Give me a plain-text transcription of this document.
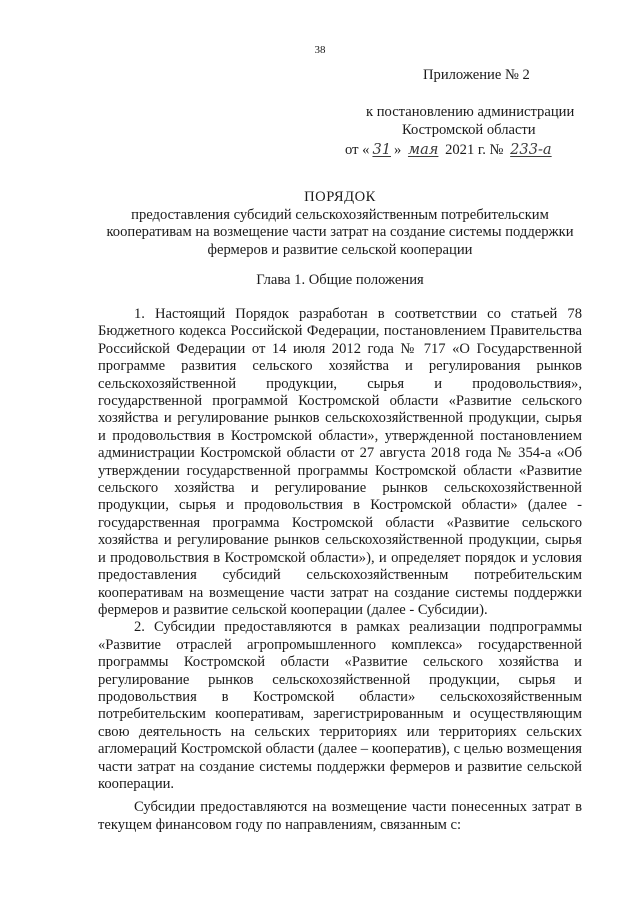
38
Приложение № 2
к постановлению администрации
Костромской области
от « 31 » мая 2021 г. № 233-а
ПОРЯДОК
предоставления субсидий сельскохозяйственным потребительским кооперативам на возмещение части затрат на создание системы поддержки фермеров и развитие сельской кооперации
Глава 1. Общие положения

1. Настоящий Порядок разработан в соответствии со статьей 78 Бюджетного кодекса Российской Федерации, постановлением Правительства Российской Федерации от 14 июля 2012 года № 717 «О Государственной программе развития сельского хозяйства и регулирования рынков сельскохозяйственной продукции, сырья и продовольствия», государственной программой Костромской области «Развитие сельского хозяйства и регулирование рынков сельскохозяйственной продукции, сырья и продовольствия в Костромской области», утвержденной постановлением администрации Костромской области от 27 августа 2018 года № 354-а «Об утверждении государственной программы Костромской области «Развитие сельского хозяйства и регулирование рынков сельскохозяйственной продукции, сырья и продовольствия в Костромской области» (далее - государственная программа Костромской области «Развитие сельского хозяйства и регулирование рынков сельскохозяйственной продукции, сырья и продовольствия в Костромской области»), и определяет порядок и условия предоставления субсидий сельскохозяйственным потребительским кооперативам на возмещение части затрат на создание системы поддержки фермеров и развитие сельской кооперации (далее - Субсидии).

2. Субсидии предоставляются в рамках реализации подпрограммы «Развитие отраслей агропромышленного комплекса» государственной программы Костромской области «Развитие сельского хозяйства и регулирование рынков сельскохозяйственной продукции, сырья и продовольствия в Костромской области» сельскохозяйственным потребительским кооперативам, зарегистрированным и осуществляющим свою деятельность на сельских территориях или территориях сельских агломераций Костромской области (далее – кооператив), с целью возмещения части затрат на создание системы поддержки фермеров и развитие сельской кооперации.

Субсидии предоставляются на возмещение части понесенных затрат в текущем финансовом году по направлениям, связанным с:
